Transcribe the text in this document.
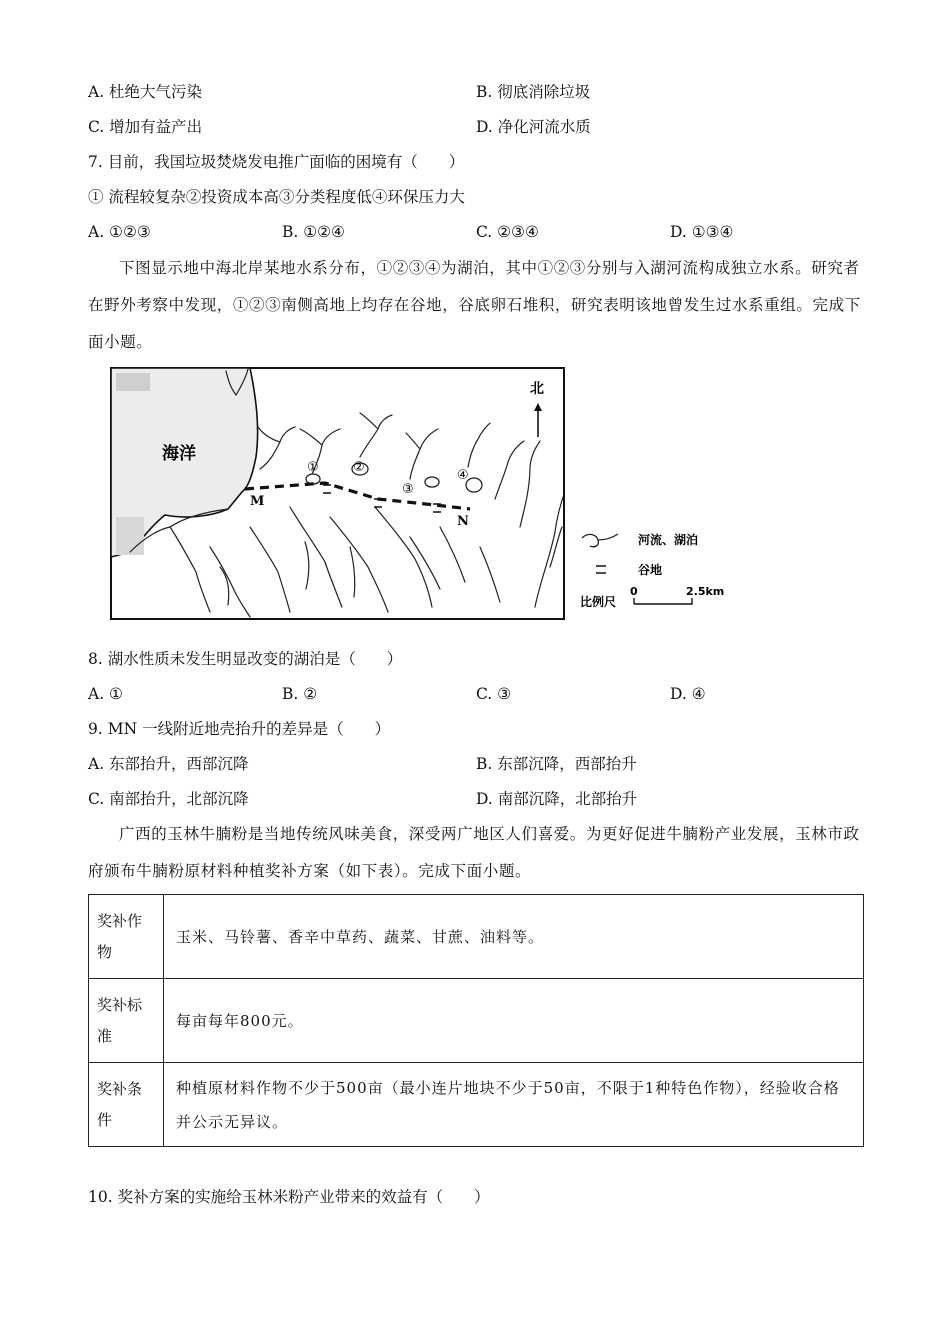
A. 杜绝大气污染	B. 彻底消除垃圾
C. 增加有益产出	D. 净化河流水质
7. 目前，我国垃圾焚烧发电推广面临的困境有（　　）
① 流程较复杂②投资成本高③分类程度低④环保压力大
A. ①②③	B. ①②④	C. ②③④	D. ①③④
下图显示地中海北岸某地水系分布，①②③④为湖泊，其中①②③分别与入湖河流构成独立水系。研究者在野外考察中发现，①②③南侧高地上均存在谷地，谷底卵石堆积，研究表明该地曾发生过水系重组。完成下面小题。
海洋
北
M
N
①	②
③
④
河流、湖泊
谷地
比例尺
0	2.5km
8. 湖水性质未发生明显改变的湖泊是（　　）
A. ①	B. ②	C. ③	D. ④
9. MN 一线附近地壳抬升的差异是（　　）
A. 东部抬升，西部沉降	B. 东部沉降，西部抬升
C. 南部抬升，北部沉降	D. 南部沉降，北部抬升
广西的玉林牛腩粉是当地传统风味美食，深受两广地区人们喜爱。为更好促进牛腩粉产业发展，玉林市政府颁布牛腩粉原材料种植奖补方案（如下表）。完成下面小题。
奖补作物	玉米、马铃薯、香辛中草药、蔬菜、甘蔗、油料等。
奖补标准	每亩每年800元。
奖补条件	种植原材料作物不少于500亩（最小连片地块不少于50亩，不限于1种特色作物），经验收合格并公示无异议。
10. 奖补方案的实施给玉林米粉产业带来的效益有（　　）
